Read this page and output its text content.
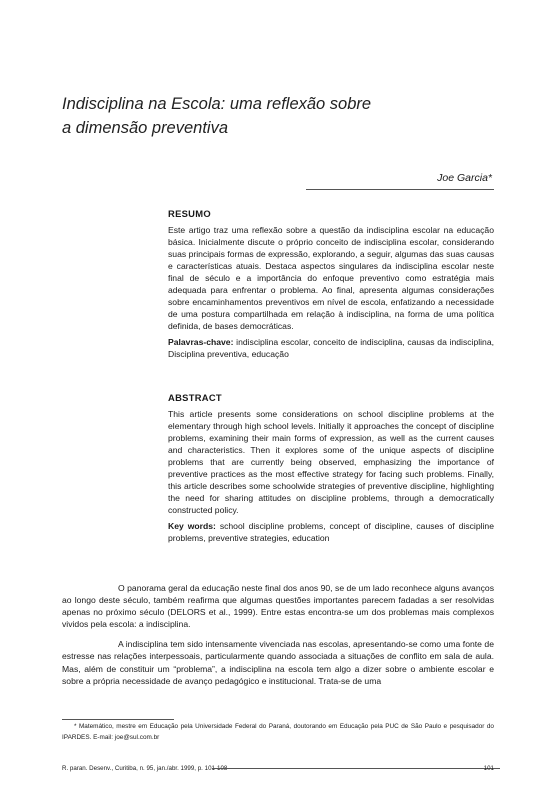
Indisciplina na Escola: uma reflexão sobre
a dimensão preventiva
Joe Garcia*
RESUMO

Este artigo traz uma reflexão sobre a questão da indisciplina escolar na educação básica. Inicialmente discute o próprio conceito de indisciplina escolar, considerando suas principais formas de expressão, explorando, a seguir, algumas das suas causas e características atuais. Destaca aspectos singulares da indisciplina escolar neste final de século e a importância do enfoque preventivo como estratégia mais adequada para enfrentar o problema. Ao final, apresenta algumas considerações sobre encaminhamentos preventivos em nível de escola, enfatizando a necessidade de uma postura compartilhada em relação à indisciplina, na forma de uma política definida, de bases democráticas.

Palavras-chave: indisciplina escolar, conceito de indisciplina, causas da indisciplina, Disciplina preventiva, educação

ABSTRACT

This article presents some considerations on school discipline problems at the elementary through high school levels. Initially it approaches the concept of discipline problems, examining their main forms of expression, as well as the current causes and characteristics. Then it explores some of the unique aspects of discipline problems that are currently being observed, emphasizing the importance of preventive practices as the most effective strategy for facing such problems. Finally, this article describes some schoolwide strategies of preventive discipline, highlighting the need for sharing attitudes on discipline problems, through a democratically constructed policy.

Key words: school discipline problems, concept of discipline, causes of discipline problems, preventive strategies, education

O panorama geral da educação neste final dos anos 90, se de um lado reconhece alguns avanços ao longo deste século, também reafirma que algumas questões importantes parecem fadadas a ser resolvidas apenas no próximo século (DELORS et al., 1999). Entre estas encontra-se um dos problemas mais complexos vividos pela escola: a indisciplina.

A indisciplina tem sido intensamente vivenciada nas escolas, apresentando-se como uma fonte de estresse nas relações interpessoais, particularmente quando associada a situações de conflito em sala de aula. Mas, além de constituir um “problema”, a indisciplina na escola tem algo a dizer sobre o ambiente escolar e sobre a própria necessidade de avanço pedagógico e institucional. Trata-se de uma

* Matemático, mestre em Educação pela Universidade Federal do Paraná, doutorando em Educação pela PUC de São Paulo e pesquisador do IPARDES. E-mail: joe@sul.com.br

R. paran. Desenv., Curitiba, n. 95, jan./abr. 1999, p. 101-108	101
